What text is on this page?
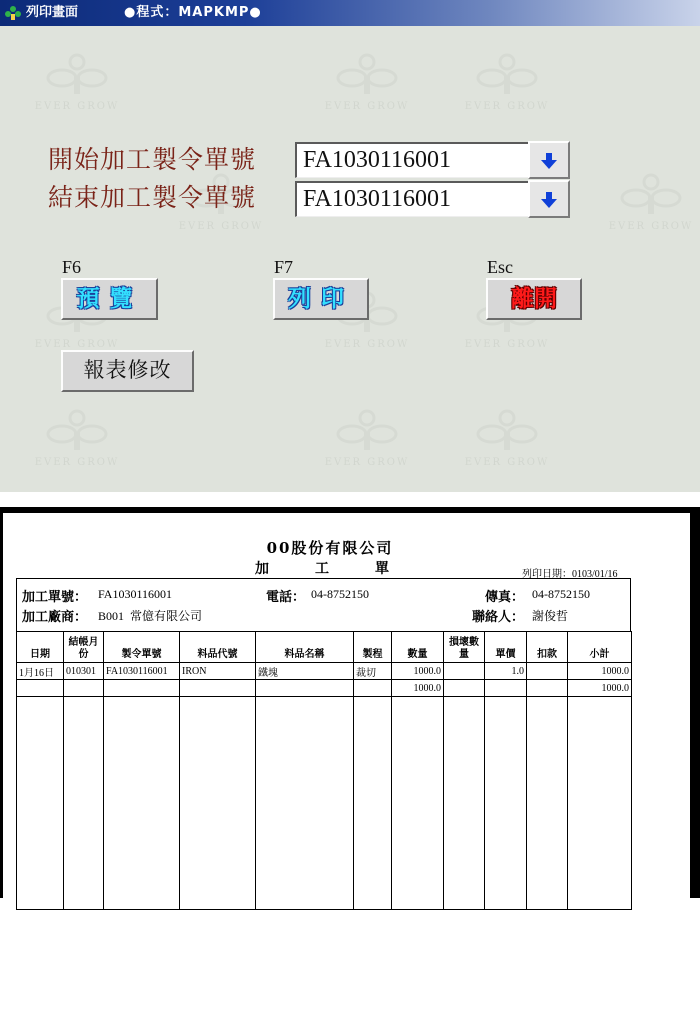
列印畫面	●程式：MAPKMP●
EVER GROW	EVER GROW	EVER GROW
EVER GROW	EVER GROW
EVER GROW	EVER GROW	EVER GROW
EVER GROW	EVER GROW	EVER GROW
開始加工製令單號	FA1030116001
結束加工製令單號	FA1030116001
F6
預覽
F7
列印
Esc
離開
報表修改
00股份有限公司
加　工　單	列印日期：0103/01/16
加工單號： FA1030116001	電話： 04-8752150	傳真： 04-8752150
加工廠商： B001  常億有限公司	聯絡人： 謝俊哲
日期	結帳月份	製令單號	料品代號	料品名稱	製程	數量	損壞數量	單價	扣款	小計
1月16日	010301	FA1030116001	IRON	鐵塊	裁切	1000.0		1.0		1000.0
						1000.0				1000.0
